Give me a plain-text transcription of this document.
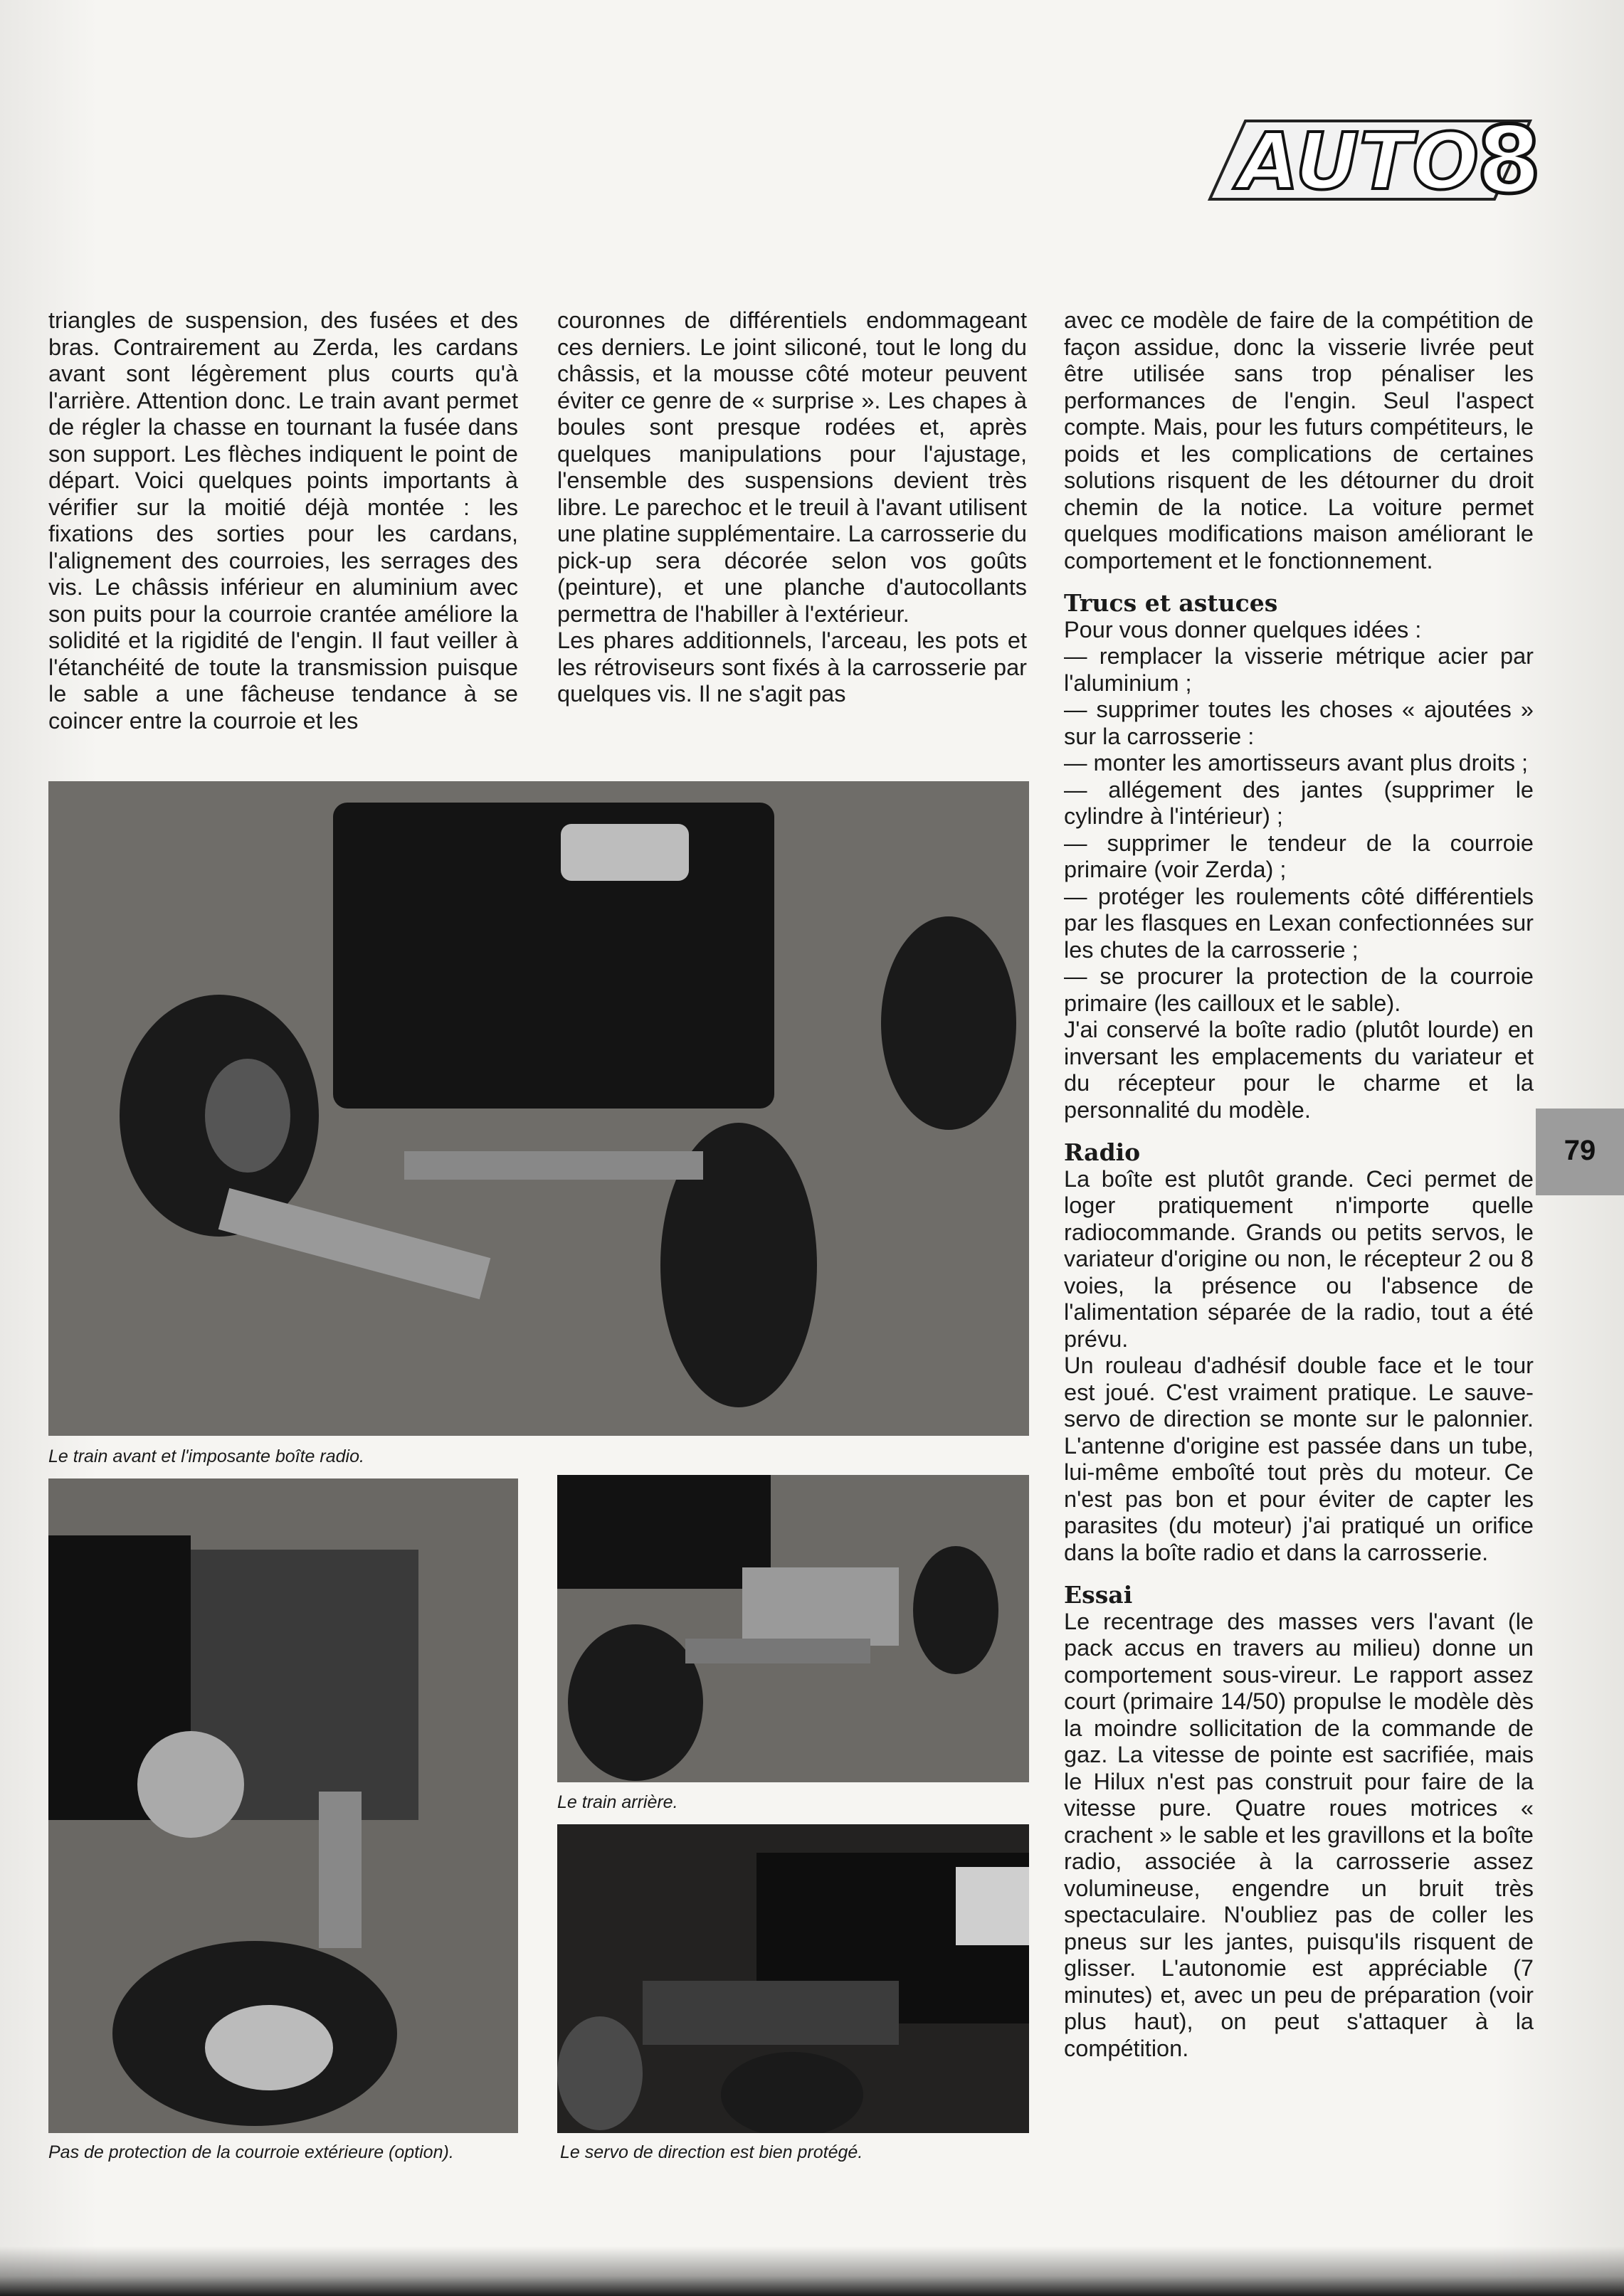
AUTO
8

triangles de suspension, des fusées et des bras. Contrairement au Zerda, les cardans avant sont légèrement plus courts qu'à l'arrière. Attention donc. Le train avant permet de régler la chasse en tournant la fusée dans son support. Les flèches indiquent le point de départ. Voici quelques points importants à vérifier sur la moitié déjà montée : les fixations des sorties pour les cardans, l'alignement des courroies, les serrages des vis. Le châssis inférieur en aluminium avec son puits pour la courroie crantée améliore la solidité et la rigidité de l'engin. Il faut veiller à l'étanchéité de toute la transmission puisque le sable a une fâcheuse tendance à se coincer entre la courroie et les

couronnes de différentiels endommageant ces derniers. Le joint siliconé, tout le long du châssis, et la mousse côté moteur peuvent éviter ce genre de « surprise ». Les chapes à boules sont presque rodées et, après quelques manipulations pour l'ajustage, l'ensemble des suspensions devient très libre. Le parechoc et le treuil à l'avant utilisent une platine supplémentaire. La carrosserie du pick-up sera décorée selon vos goûts (peinture), et une planche d'autocollants permettra de l'habiller à l'extérieur.

Les phares additionnels, l'arceau, les pots et les rétroviseurs sont fixés à la carrosserie par quelques vis. Il ne s'agit pas

avec ce modèle de faire de la compétition de façon assidue, donc la visserie livrée peut être utilisée sans trop pénaliser les performances de l'engin. Seul l'aspect compte. Mais, pour les futurs compétiteurs, le poids et les complications de certaines solutions risquent de les détourner du droit chemin de la notice. La voiture permet quelques modifications maison améliorant le comportement et le fonctionnement.

Trucs et astuces

Pour vous donner quelques idées :

— remplacer la visserie métrique acier par l'aluminium ;

— supprimer toutes les choses « ajoutées » sur la carrosserie :

— monter les amortisseurs avant plus droits ;

— allégement des jantes (supprimer le cylindre à l'intérieur) ;

— supprimer le tendeur de la courroie primaire (voir Zerda) ;

— protéger les roulements côté différentiels par les flasques en Lexan confectionnées sur les chutes de la carrosserie ;

— se procurer la protection de la courroie primaire (les cailloux et le sable).

J'ai conservé la boîte radio (plutôt lourde) en inversant les emplacements du variateur et du récepteur pour le charme et la personnalité du modèle.

Radio

La boîte est plutôt grande. Ceci permet de loger pratiquement n'importe quelle radiocommande. Grands ou petits servos, le variateur d'origine ou non, le récepteur 2 ou 8 voies, la présence ou l'absence de l'alimentation séparée de la radio, tout a été prévu.

Un rouleau d'adhésif double face et le tour est joué. C'est vraiment pratique. Le sauve-servo de direction se monte sur le palonnier. L'antenne d'origine est passée dans un tube, lui-même emboîté tout près du moteur. Ce n'est pas bon et pour éviter de capter les parasites (du moteur) j'ai pratiqué un orifice dans la boîte radio et dans la carrosserie.

Essai

Le recentrage des masses vers l'avant (le pack accus en travers au milieu) donne un comportement sous-vireur. Le rapport assez court (primaire 14/50) propulse le modèle dès la moindre sollicitation de la commande de gaz. La vitesse de pointe est sacrifiée, mais le Hilux n'est pas construit pour faire de la vitesse pure. Quatre roues motrices « crachent » le sable et les gravillons et la boîte radio, associée à la carrosserie assez volumineuse, engendre un bruit très spectaculaire. N'oubliez pas de coller les pneus sur les jantes, puisqu'ils risquent de glisser. L'autonomie est appréciable (7 minutes) et, avec un peu de préparation (voir plus haut), on peut s'attaquer à la compétition.

Le train avant et l'imposante boîte radio.
Pas de protection de la courroie extérieure (option).
Le train arrière.
Le servo de direction est bien protégé.
79
